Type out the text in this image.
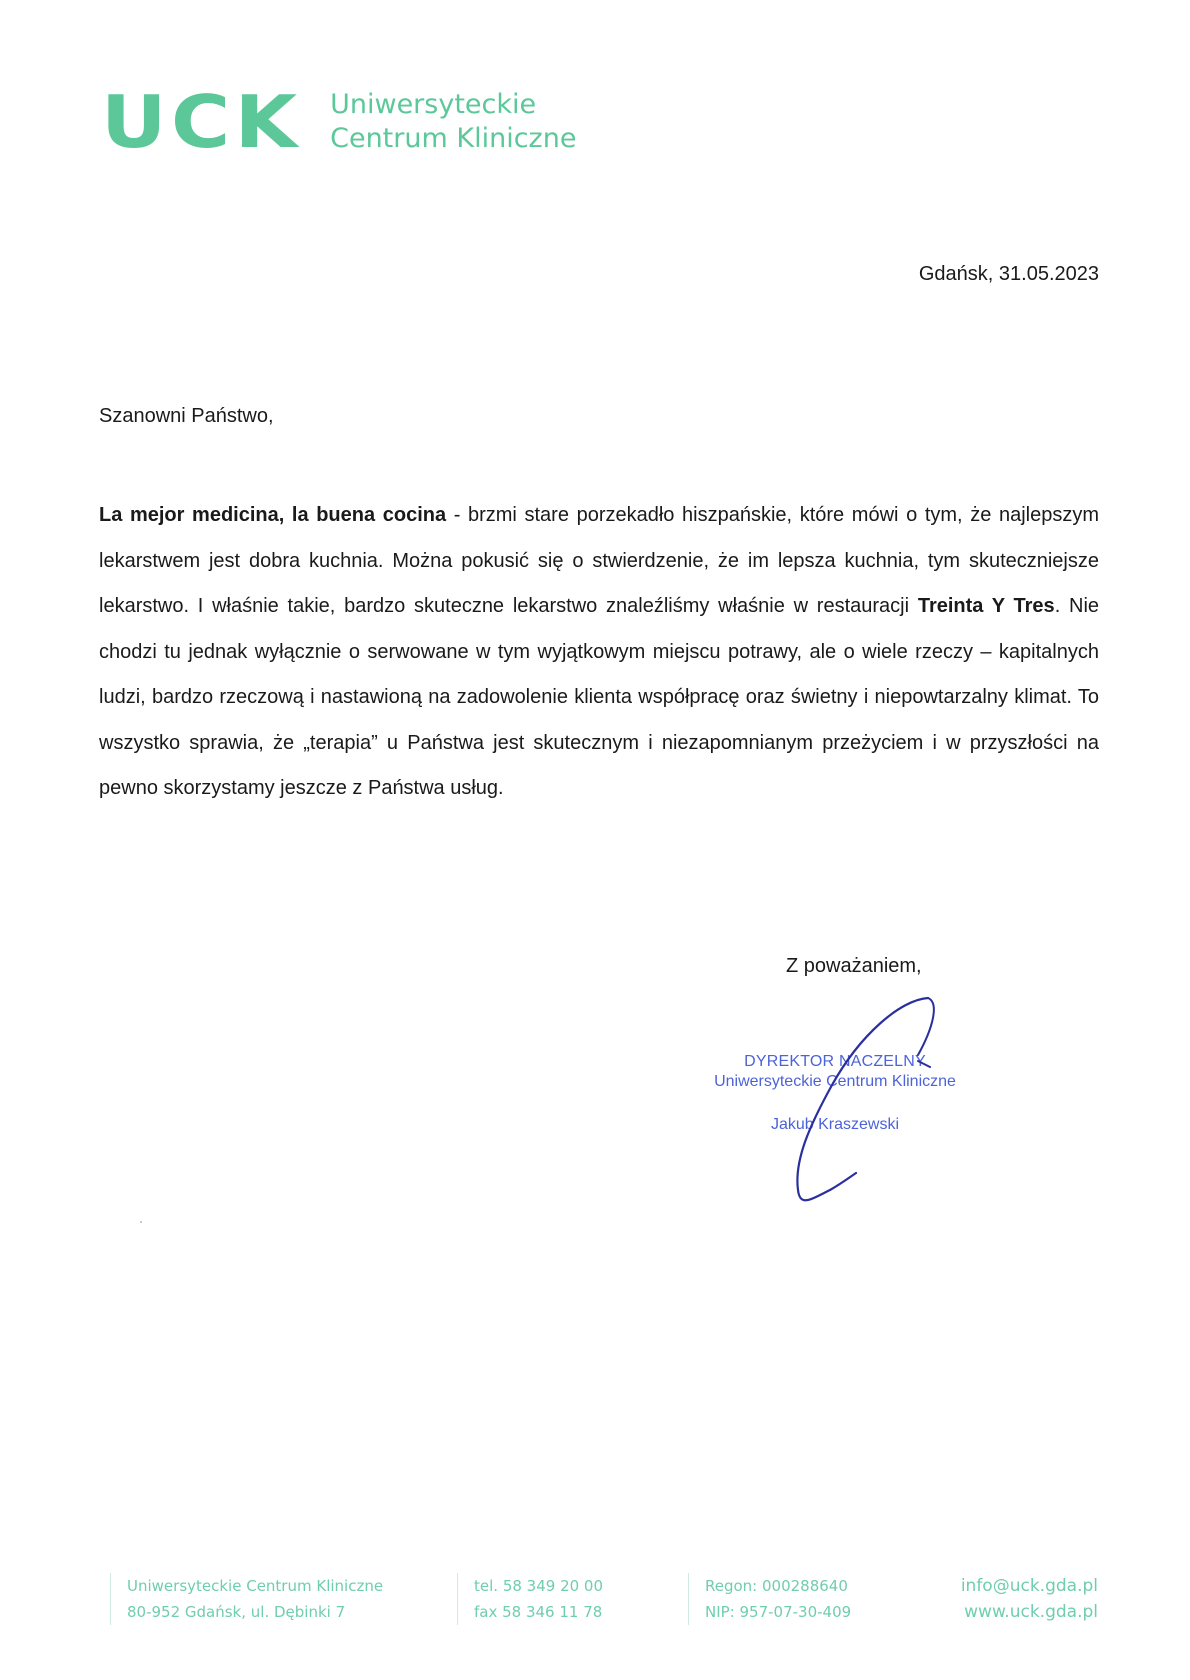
UCK Uniwersyteckie
Centrum Kliniczne
Gdańsk, 31.05.2023
Szanowni Państwo,
La mejor medicina, la buena cocina - brzmi stare porzekadło hiszpańskie, które mówi o tym, że najlepszym lekarstwem jest dobra kuchnia. Można pokusić się o stwierdzenie, że im lepsza kuchnia, tym skuteczniejsze lekarstwo. I właśnie takie, bardzo skuteczne lekarstwo znaleźliśmy właśnie w restauracji Treinta Y Tres. Nie chodzi tu jednak wyłącznie o serwowane w tym wyjątkowym miejscu potrawy, ale o wiele rzeczy – kapitalnych ludzi, bardzo rzeczową i nastawioną na zadowolenie klienta współpracę oraz świetny i niepowtarzalny klimat. To wszystko sprawia, że „terapia” u Państwa jest skutecznym i niezapomnianym przeżyciem i w przyszłości na pewno skorzystamy jeszcze z Państwa usług.
Z poważaniem,
DYREKTOR NACZELNY
Uniwersyteckie Centrum Kliniczne
Jakub Kraszewski
Uniwersyteckie Centrum Kliniczne
80-952 Gdańsk, ul. Dębinki 7
tel. 58 349 20 00
fax 58 346 11 78
Regon: 000288640
NIP: 957-07-30-409
info@uck.gda.pl
www.uck.gda.pl
